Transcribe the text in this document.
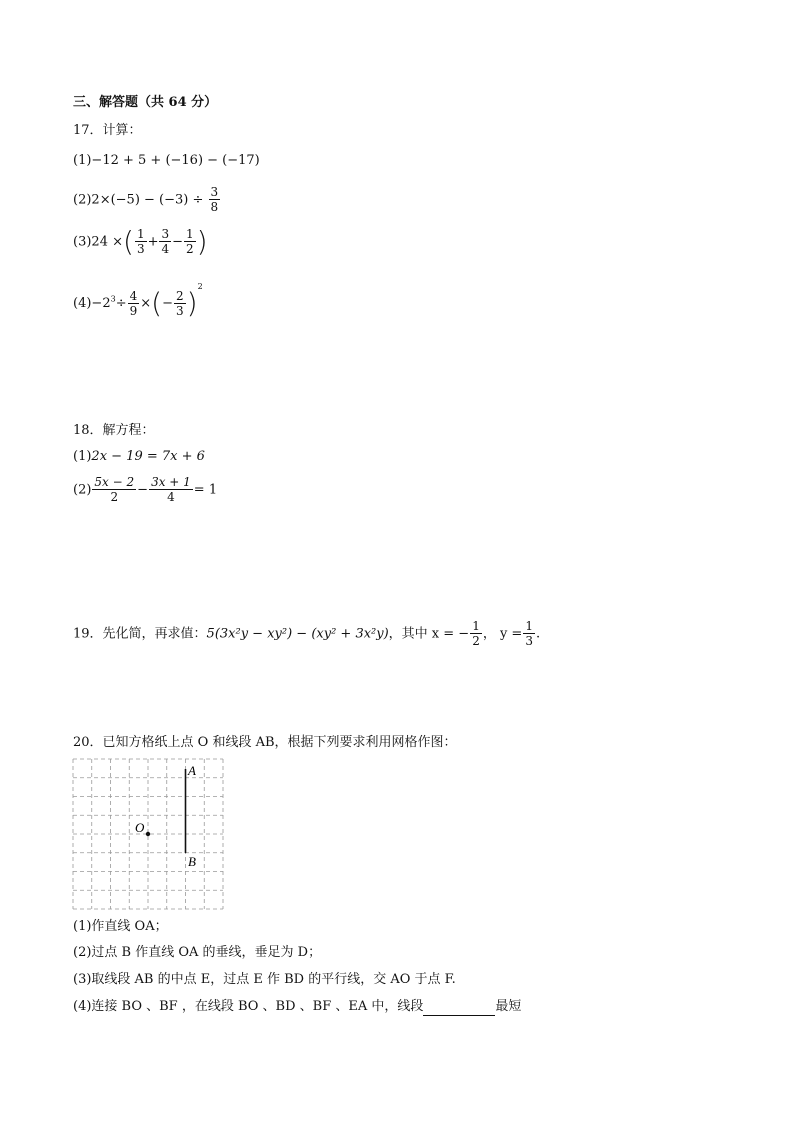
三、解答题（共 64 分）
17．计算：
(1)−12 + 5 + (−16) − (−17)
$(2)2\times(-5) - (-3) \div \frac{3}{8}$
(3)24 ×( $\frac{1}{3} + \frac{3}{4} - \frac{1}{2}$ )
$(4)-2^3\div \frac{4}{9}$ ×(− $\frac{2}{3} )^2$
18．解方程：
(1)2x − 19 = 7x + 6
$(2) \frac{5x - 2}{2} - \frac{3x + 1}{4} = 1$
19．先化简，再求值：5(3x²y − xy²) − (xy² + 3x²y)，其中 x = − $\frac{1}{2}$ ， $y = \frac{1}{3}$ .
20．已知方格纸上点 O 和线段 AB，根据下列要求利用网格作图：
A
B
O
(1)作直线 OA；
(2)过点 B 作直线 OA 的垂线，垂足为 D；
(3)取线段 AB 的中点 E，过点 E 作 BD 的平行线，交 AO 于点 F.
(4)连接 BO 、BF ，在线段 BO 、BD 、BF 、EA 中，线段	最短
